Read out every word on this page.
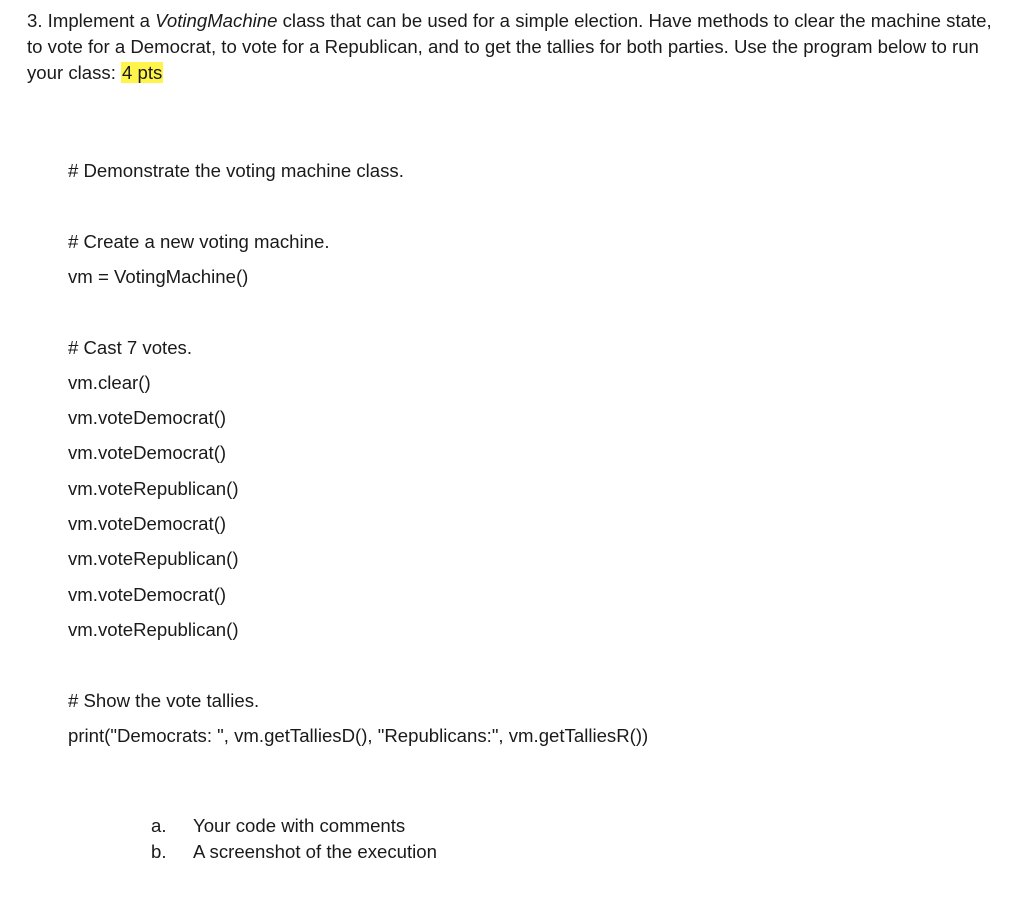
3. Implement a VotingMachine class that can be used for a simple election. Have methods to clear the machine state, to vote for a Democrat, to vote for a Republican, and to get the tallies for both parties. Use the program below to run your class: 4 pts
# Demonstrate the voting machine class.
# Create a new voting machine.
vm = VotingMachine()
# Cast 7 votes.
vm.clear()
vm.voteDemocrat()
vm.voteDemocrat()
vm.voteRepublican()
vm.voteDemocrat()
vm.voteRepublican()
vm.voteDemocrat()
vm.voteRepublican()
# Show the vote tallies.
print("Democrats: ", vm.getTalliesD(), "Republicans:", vm.getTalliesR())
a. Your code with comments
b. A screenshot of the execution
